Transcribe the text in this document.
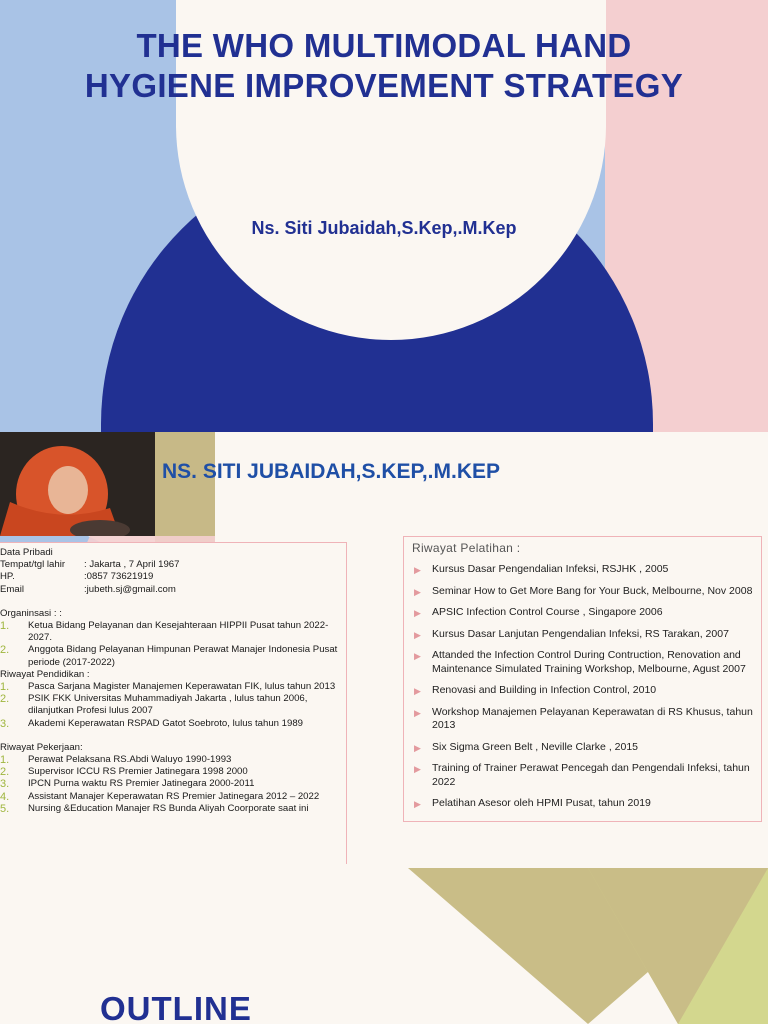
THE WHO MULTIMODAL HAND HYGIENE IMPROVEMENT STRATEGY
Ns. Siti Jubaidah,S.Kep,.M.Kep
NS. SITI JUBAIDAH,S.KEP,.M.KEP
Data Pribadi
Tempat/tgl lahir	: Jakarta , 7 April 1967
HP.	:0857 73621919
Email	:jubeth.sj@gmail.com
Organinsasi : :
1. Ketua Bidang Pelayanan dan Kesejahteraan HIPPII Pusat tahun 2022-2027.
2. Anggota Bidang Pelayanan Himpunan Perawat Manajer Indonesia Pusat periode (2017-2022)
Riwayat Pendidikan :
1. Pasca Sarjana Magister Manajemen Keperawatan FIK, lulus tahun 2013
2. PSIK FKK Universitas Muhammadiyah Jakarta , lulus tahun 2006, dilanjutkan Profesi lulus 2007
3. Akademi Keperawatan RSPAD Gatot Soebroto, lulus tahun 1989
Riwayat Pekerjaan:
1. Perawat Pelaksana RS.Abdi Waluyo 1990-1993
2. Supervisor ICCU RS Premier Jatinegara 1998 2000
3. IPCN Purna waktu RS Premier Jatinegara 2000-2011
4. Assistant Manajer Keperawatan RS Premier Jatinegara 2012 – 2022
5. Nursing &Education Manajer RS Bunda Aliyah Coorporate saat ini
Riwayat Pelatihan :
▶ Kursus Dasar Pengendalian Infeksi, RSJHK , 2005
▶ Seminar How to Get More Bang for Your Buck, Melbourne, Nov 2008
▶ APSIC Infection Control Course , Singapore 2006
▶ Kursus Dasar Lanjutan Pengendalian Infeksi, RS Tarakan, 2007
▶ Attanded the Infection Control During Contruction, Renovation and Maintenance Simulated Training Workshop, Melbourne, Agust 2007
▶ Renovasi and Building in Infection Control, 2010
▶ Workshop Manajemen Pelayanan Keperawatan di RS Khusus, tahun 2013
▶ Six Sigma Green Belt , Neville Clarke , 2015
▶ Training of Trainer Perawat Pencegah dan Pengendali Infeksi, tahun 2022
▶ Pelatihan Asesor oleh HPMI Pusat, tahun 2019
OUTLINE
